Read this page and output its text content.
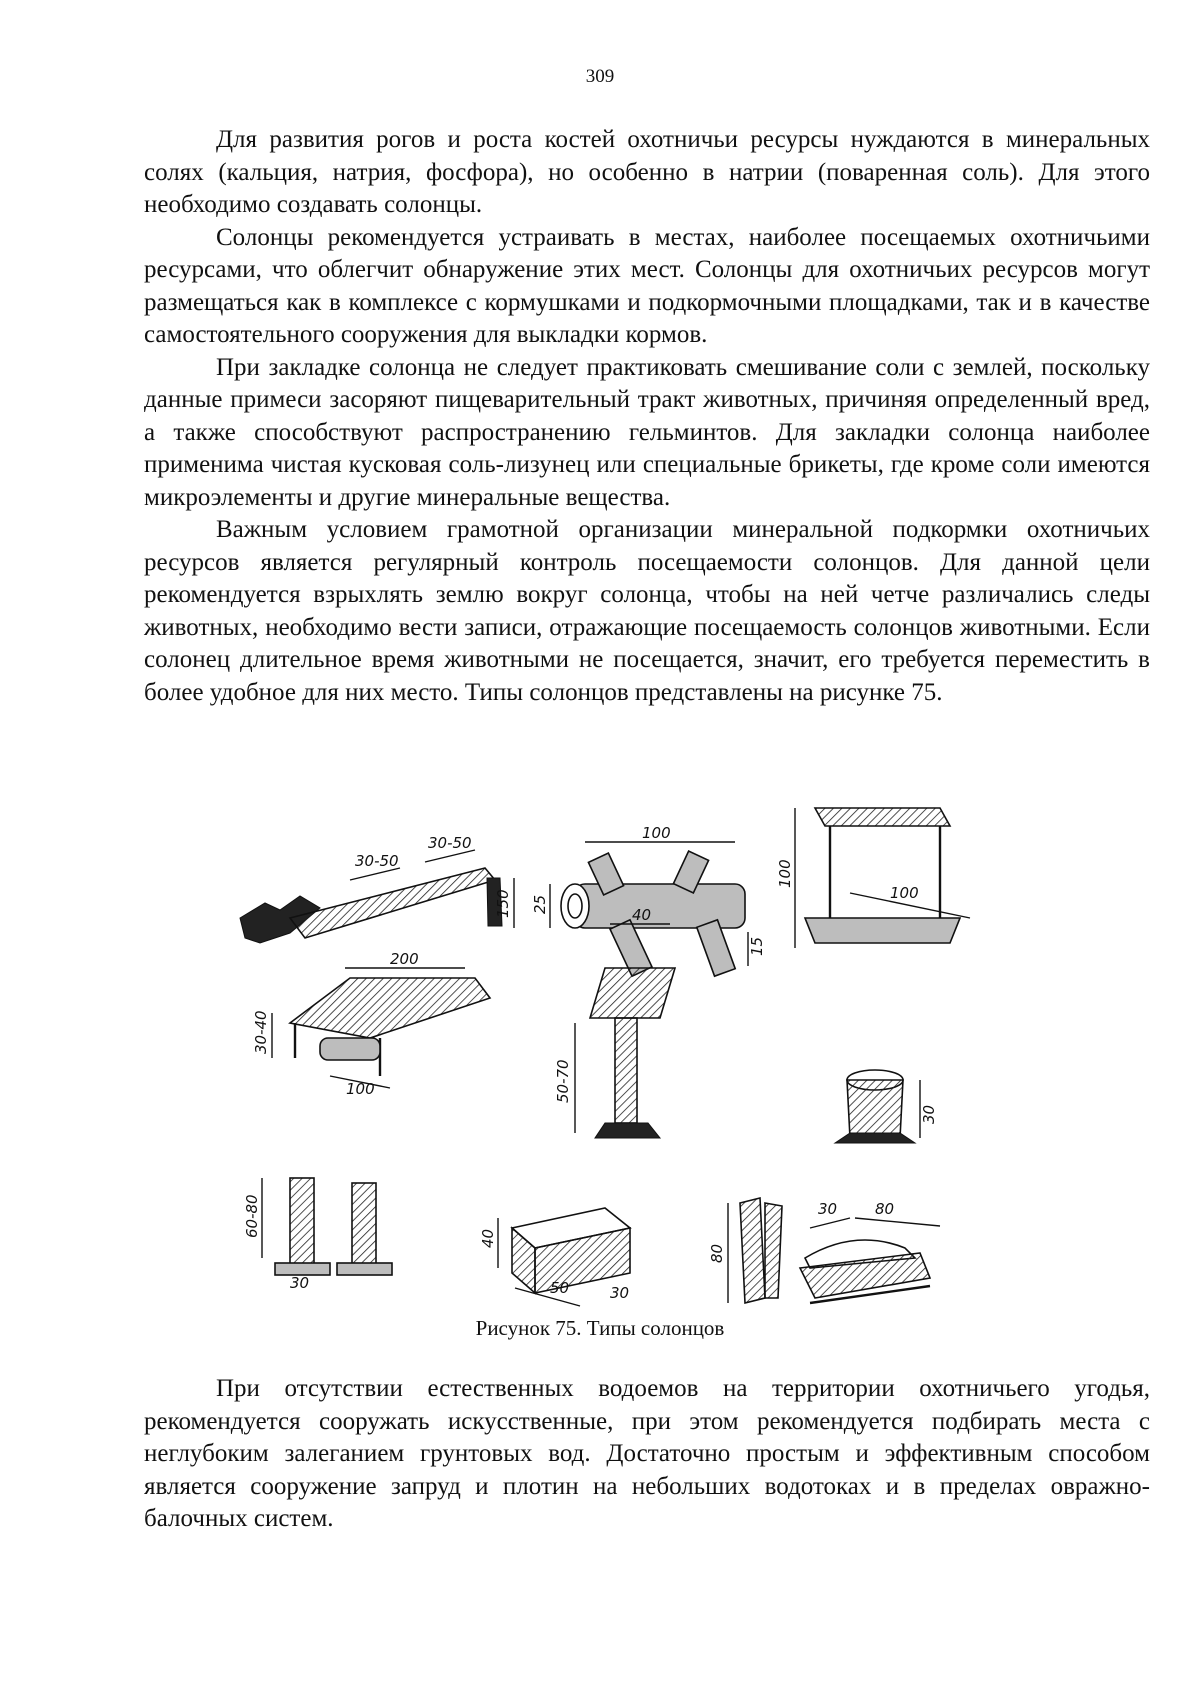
309

Для развития рогов и роста костей охотничьи ресурсы нуждаются в минеральных солях (кальция, натрия, фосфора), но особенно в натрии (поваренная соль). Для этого необходимо создавать солонцы.

Солонцы рекомендуется устраивать в местах, наиболее посещаемых охотничьими ресурсами, что облегчит обнаружение этих мест. Солонцы для охотничьих ресурсов могут размещаться как в комплексе с кормушками и подкормочными площадками, так и в качестве самостоятельного сооружения для выкладки кормов.

При закладке солонца не следует практиковать смешивание соли с землей, поскольку данные примеси засоряют пищеварительный тракт животных, причиняя определенный вред, а также способствуют распространению гельминтов. Для закладки солонца наиболее применима чистая кусковая соль-лизунец или специальные брикеты, где кроме соли имеются микроэлементы и другие минеральные вещества.

Важным условием грамотной организации минеральной подкормки охотничьих ресурсов является регулярный контроль посещаемости солонцов. Для данной цели рекомендуется взрыхлять землю вокруг солонца, чтобы на ней четче различались следы животных, необходимо вести записи, отражающие посещаемость солонцов животными. Если солонец длительное время животными не посещается, значит, его требуется переместить в более удобное для них место. Типы солонцов представлены на рисунке 75.

30-50
30-50
150
100
25
15
100
100
200
30-40
100
40
50-70
30
60-80
30
40
50	30
80
30	80
Рисунок 75. Типы солонцов

При отсутствии естественных водоемов на территории охотничьего угодья, рекомендуется сооружать искусственные, при этом рекомендуется подбирать места с неглубоким залеганием грунтовых вод. Достаточно простым и эффективным способом является сооружение запруд и плотин на небольших водотоках и в пределах овражно-балочных систем.
